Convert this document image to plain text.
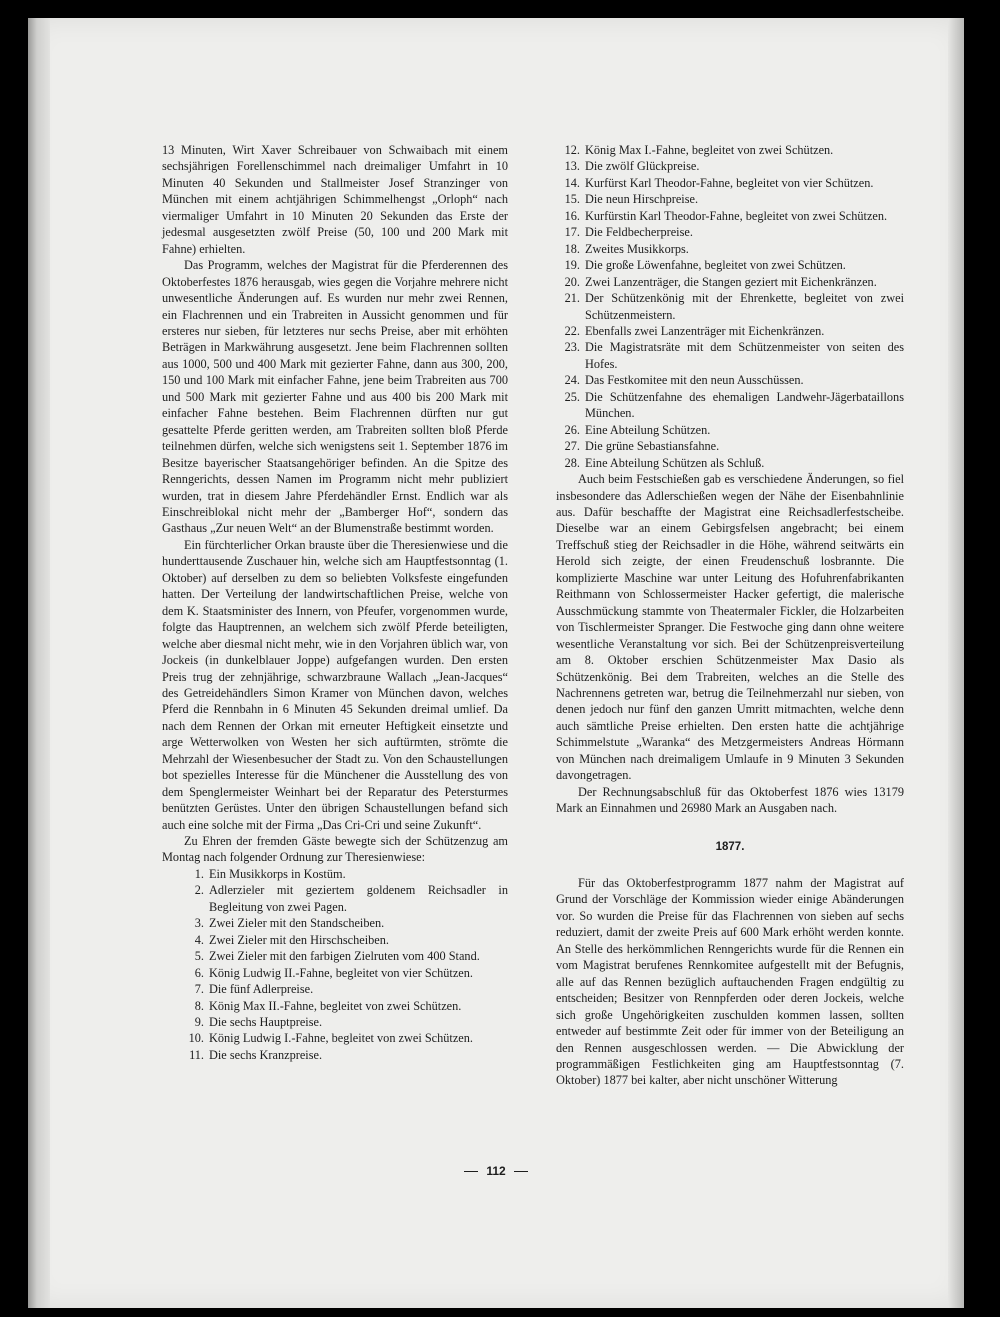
13 Minuten, Wirt Xaver Schreibauer von Schwaibach mit einem sechsjährigen Forellenschimmel nach dreimaliger Umfahrt in 10 Minuten 40 Sekunden und Stallmeister Josef Stranzinger von München mit einem achtjährigen Schimmelhengst „Orloph“ nach viermaliger Umfahrt in 10 Minuten 20 Sekunden das Erste der jedesmal ausgesetzten zwölf Preise (50, 100 und 200 Mark mit Fahne) erhielten.

Das Programm, welches der Magistrat für die Pferderennen des Oktoberfestes 1876 herausgab, wies gegen die Vorjahre mehrere nicht unwesentliche Änderungen auf. Es wurden nur mehr zwei Rennen, ein Flachrennen und ein Trabreiten in Aussicht genommen und für ersteres nur sieben, für letzteres nur sechs Preise, aber mit erhöhten Beträgen in Markwährung ausgesetzt. Jene beim Flachrennen sollten aus 1000, 500 und 400 Mark mit gezierter Fahne, dann aus 300, 200, 150 und 100 Mark mit einfacher Fahne, jene beim Trabreiten aus 700 und 500 Mark mit gezierter Fahne und aus 400 bis 200 Mark mit einfacher Fahne bestehen. Beim Flachrennen dürften nur gut gesattelte Pferde geritten werden, am Trabreiten sollten bloß Pferde teilnehmen dürfen, welche sich wenigstens seit 1. September 1876 im Besitze bayerischer Staatsangehöriger befinden. An die Spitze des Renngerichts, dessen Namen im Programm nicht mehr publiziert wurden, trat in diesem Jahre Pferdehändler Ernst. Endlich war als Einschreiblokal nicht mehr der „Bamberger Hof“, sondern das Gasthaus „Zur neuen Welt“ an der Blumenstraße bestimmt worden.

Ein fürchterlicher Orkan brauste über die Theresienwiese und die hunderttausende Zuschauer hin, welche sich am Hauptfestsonntag (1. Oktober) auf derselben zu dem so beliebten Volksfeste eingefunden hatten. Der Verteilung der landwirtschaftlichen Preise, welche von dem K. Staatsminister des Innern, von Pfeufer, vorgenommen wurde, folgte das Hauptrennen, an welchem sich zwölf Pferde beteiligten, welche aber diesmal nicht mehr, wie in den Vorjahren üblich war, von Jockeis (in dunkelblauer Joppe) aufgefangen wurden. Den ersten Preis trug der zehnjährige, schwarzbraune Wallach „Jean-Jacques“ des Getreidehändlers Simon Kramer von München davon, welches Pferd die Rennbahn in 6 Minuten 45 Sekunden dreimal umlief. Da nach dem Rennen der Orkan mit erneuter Heftigkeit einsetzte und arge Wetterwolken von Westen her sich auftürmten, strömte die Mehrzahl der Wiesenbesucher der Stadt zu. Von den Schaustellungen bot spezielles Interesse für die Münchener die Ausstellung des von dem Spenglermeister Weinhart bei der Reparatur des Petersturmes benützten Gerüstes. Unter den übrigen Schaustellungen befand sich auch eine solche mit der Firma „Das Cri-Cri und seine Zukunft“.

Zu Ehren der fremden Gäste bewegte sich der Schützenzug am Montag nach folgender Ordnung zur Theresienwiese:

1. Ein Musikkorps in Kostüm.
2. Adlerzieler mit geziertem goldenem Reichsadler in Begleitung von zwei Pagen.
3. Zwei Zieler mit den Standscheiben.
4. Zwei Zieler mit den Hirschscheiben.
5. Zwei Zieler mit den farbigen Zielruten vom 400 Stand.
6. König Ludwig II.-Fahne, begleitet von vier Schützen.
7. Die fünf Adlerpreise.
8. König Max II.-Fahne, begleitet von zwei Schützen.
9. Die sechs Hauptpreise.
10. König Ludwig I.-Fahne, begleitet von zwei Schützen.
11. Die sechs Kranzpreise.
12. König Max I.-Fahne, begleitet von zwei Schützen.
13. Die zwölf Glückpreise.
14. Kurfürst Karl Theodor-Fahne, begleitet von vier Schützen.
15. Die neun Hirschpreise.
16. Kurfürstin Karl Theodor-Fahne, begleitet von zwei Schützen.
17. Die Feldbecherpreise.
18. Zweites Musikkorps.
19. Die große Löwenfahne, begleitet von zwei Schützen.
20. Zwei Lanzenträger, die Stangen geziert mit Eichenkränzen.
21. Der Schützenkönig mit der Ehrenkette, begleitet von zwei Schützenmeistern.
22. Ebenfalls zwei Lanzenträger mit Eichenkränzen.
23. Die Magistratsräte mit dem Schützenmeister von seiten des Hofes.
24. Das Festkomitee mit den neun Ausschüssen.
25. Die Schützenfahne des ehemaligen Landwehr-Jägerbataillons München.
26. Eine Abteilung Schützen.
27. Die grüne Sebastiansfahne.
28. Eine Abteilung Schützen als Schluß.

Auch beim Festschießen gab es verschiedene Änderungen, so fiel insbesondere das Adlerschießen wegen der Nähe der Eisenbahnlinie aus. Dafür beschaffte der Magistrat eine Reichsadlerfestscheibe. Dieselbe war an einem Gebirgsfelsen angebracht; bei einem Treffschuß stieg der Reichsadler in die Höhe, während seitwärts ein Herold sich zeigte, der einen Freudenschuß losbrannte. Die komplizierte Maschine war unter Leitung des Hofuhrenfabrikanten Reithmann von Schlossermeister Hacker gefertigt, die malerische Ausschmückung stammte von Theatermaler Fickler, die Holzarbeiten von Tischlermeister Spranger. Die Festwoche ging dann ohne weitere wesentliche Veranstaltung vor sich. Bei der Schützenpreisverteilung am 8. Oktober erschien Schützenmeister Max Dasio als Schützenkönig. Bei dem Trabreiten, welches an die Stelle des Nachrennens getreten war, betrug die Teilnehmerzahl nur sieben, von denen jedoch nur fünf den ganzen Umritt mitmachten, welche denn auch sämtliche Preise erhielten. Den ersten hatte die achtjährige Schimmelstute „Waranka“ des Metzgermeisters Andreas Hörmann von München nach dreimaligem Umlaufe in 9 Minuten 3 Sekunden davongetragen.

Der Rechnungsabschluß für das Oktoberfest 1876 wies 13179 Mark an Einnahmen und 26980 Mark an Ausgaben nach.

1877.

Für das Oktoberfestprogramm 1877 nahm der Magistrat auf Grund der Vorschläge der Kommission wieder einige Abänderungen vor. So wurden die Preise für das Flachrennen von sieben auf sechs reduziert, damit der zweite Preis auf 600 Mark erhöht werden konnte. An Stelle des herkömmlichen Renngerichts wurde für die Rennen ein vom Magistrat berufenes Rennkomitee aufgestellt mit der Befugnis, alle auf das Rennen bezüglich auftauchenden Fragen endgültig zu entscheiden; Besitzer von Rennpferden oder deren Jockeis, welche sich große Ungehörigkeiten zuschulden kommen lassen, sollten entweder auf bestimmte Zeit oder für immer von der Beteiligung an den Rennen ausgeschlossen werden. — Die Abwicklung der programmäßigen Festlichkeiten ging am Hauptfestsonntag (7. Oktober) 1877 bei kalter, aber nicht unschöner Witterung

112
